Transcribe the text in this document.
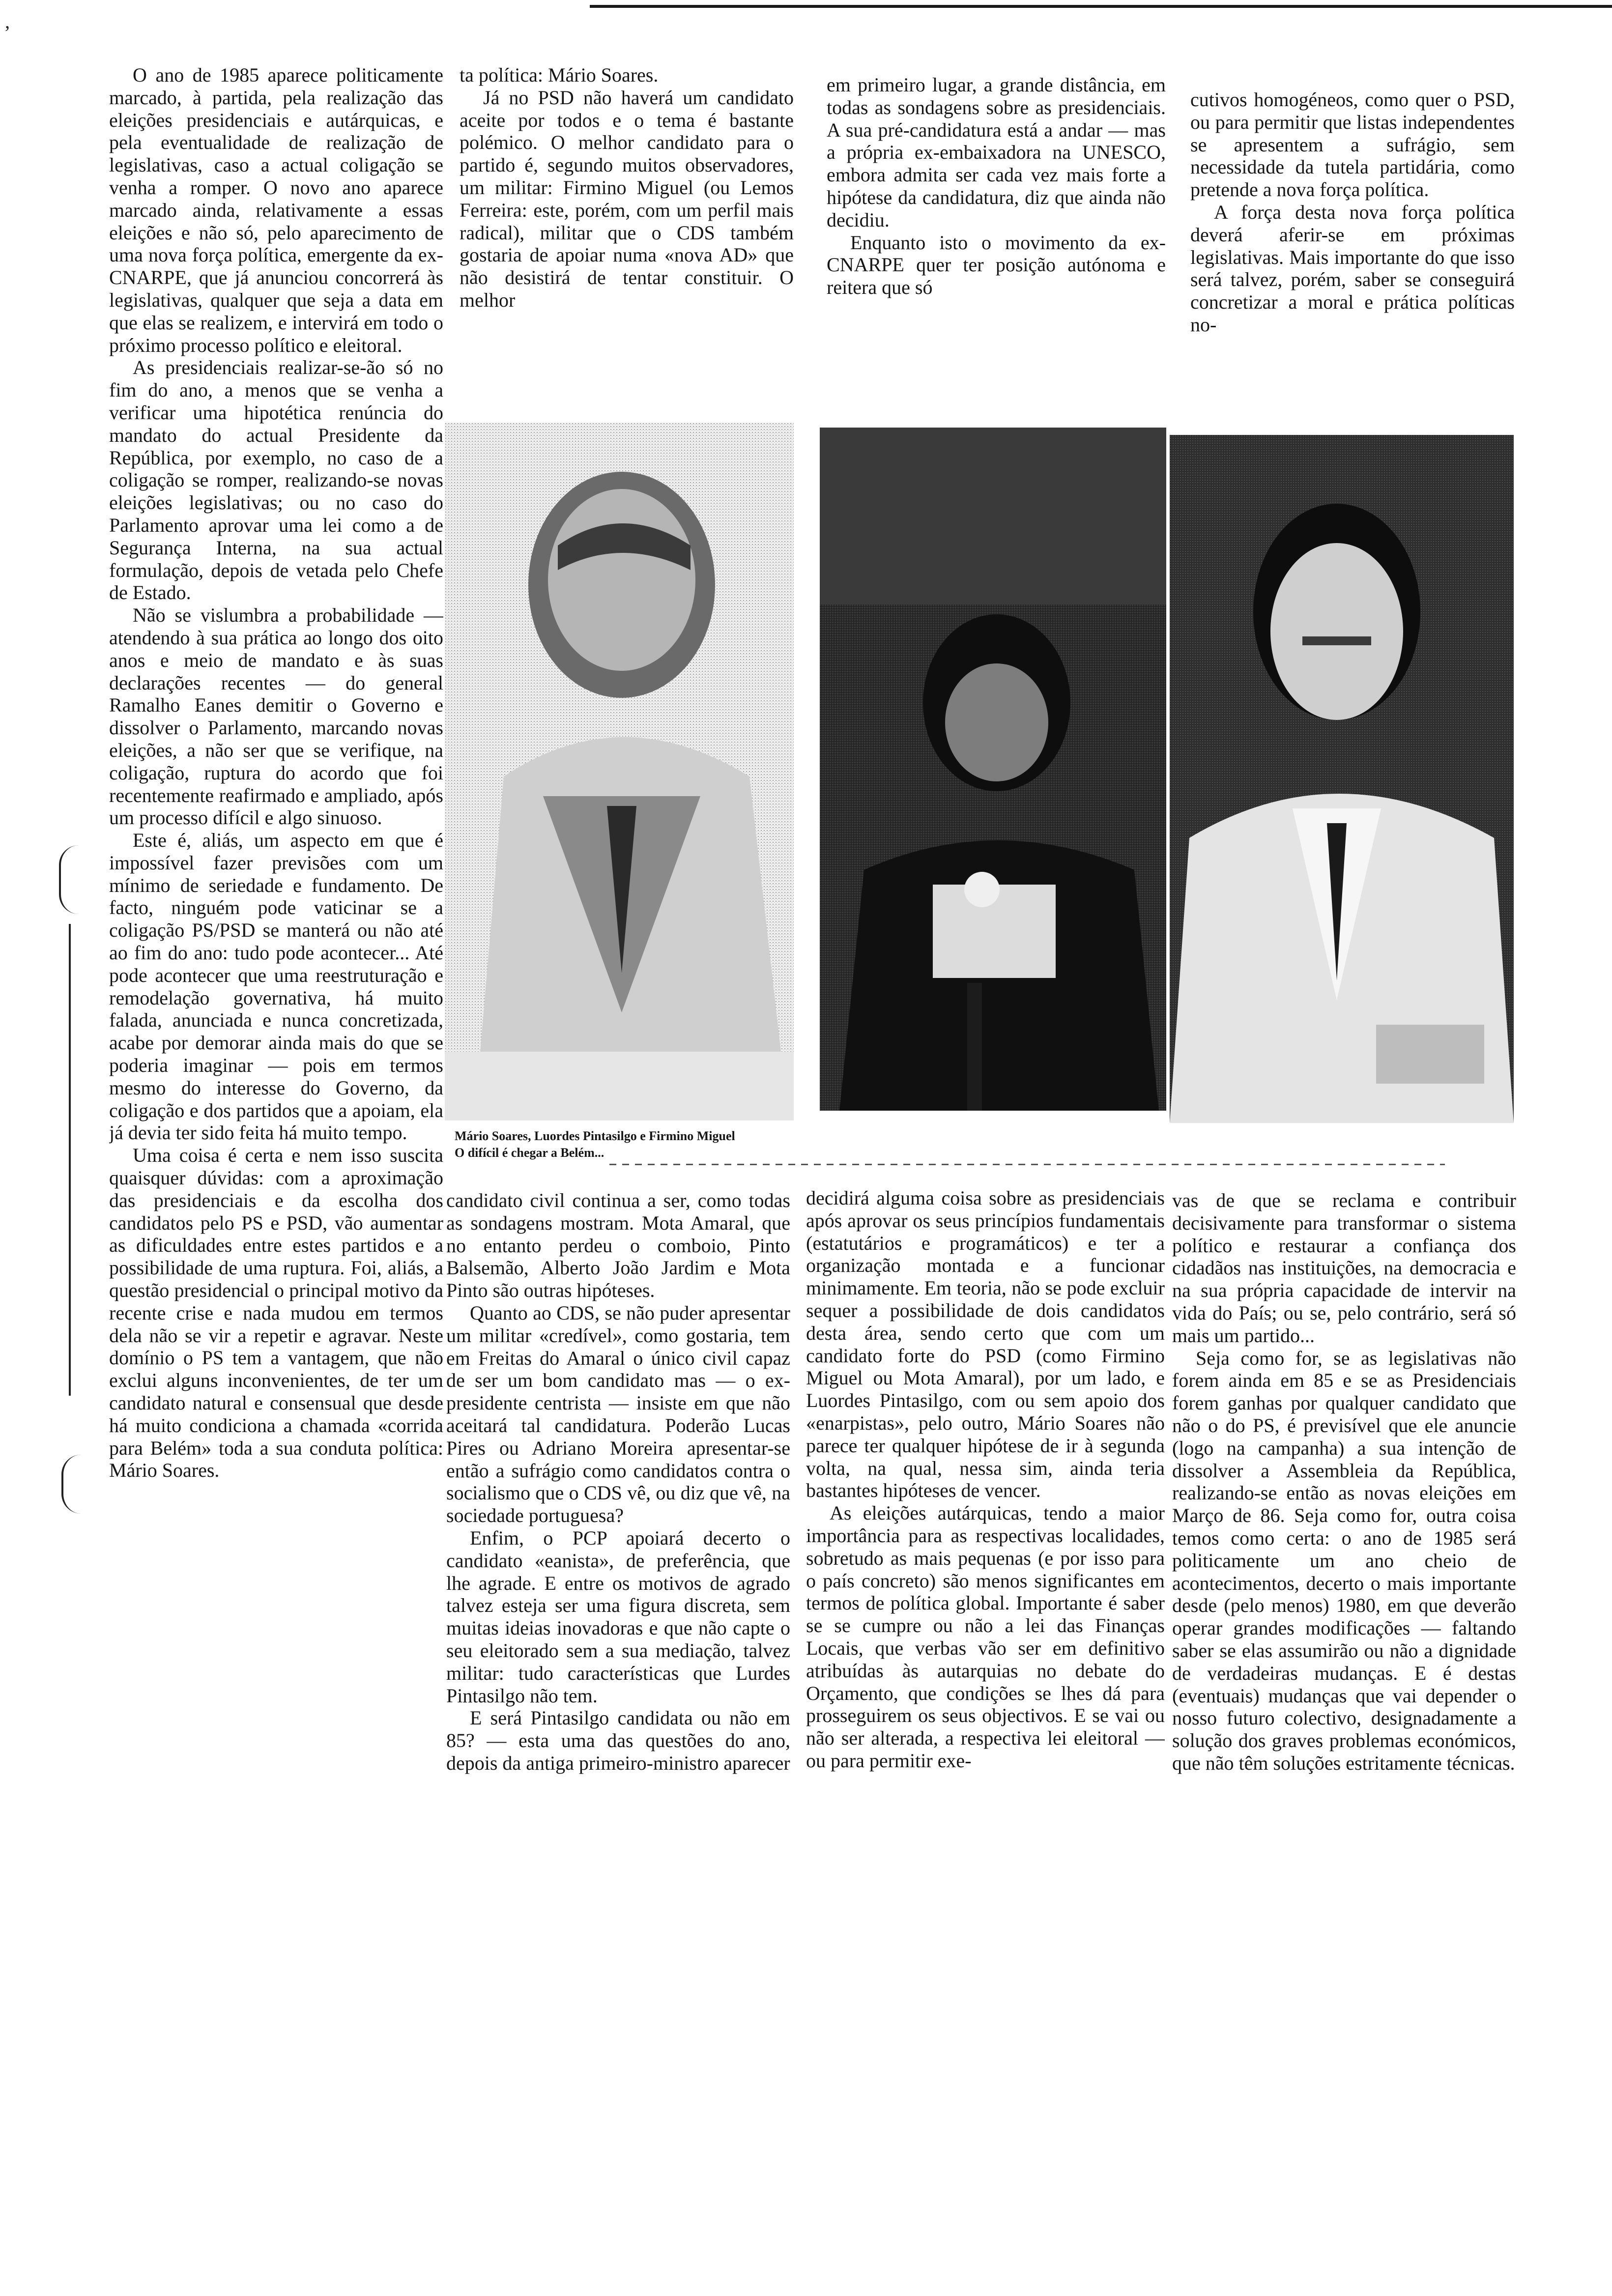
,

O ano de 1985 aparece politicamente marcado, à partida, pela realização das eleições presidenciais e autárquicas, e pela eventualidade de realização de legislativas, caso a actual coligação se venha a romper. O novo ano aparece marcado ainda, relativamente a essas eleições e não só, pelo aparecimento de uma nova força política, emergente da ex-CNARPE, que já anunciou concorrerá às legislativas, qualquer que seja a data em que elas se realizem, e intervirá em todo o próximo processo político e eleitoral.

As presidenciais realizar-se-ão só no fim do ano, a menos que se venha a verificar uma hipotética renúncia do mandato do actual Presidente da República, por exemplo, no caso de a coligação se romper, realizando-se novas eleições legislativas; ou no caso do Parlamento aprovar uma lei como a de Segurança Interna, na sua actual formulação, depois de vetada pelo Chefe de Estado.

Não se vislumbra a probabilidade — atendendo à sua prática ao longo dos oito anos e meio de mandato e às suas declarações recentes — do general Ramalho Eanes demitir o Governo e dissolver o Parlamento, marcando novas eleições, a não ser que se verifique, na coligação, ruptura do acordo que foi recentemente reafirmado e ampliado, após um processo difícil e algo sinuoso.

Este é, aliás, um aspecto em que é impossível fazer previsões com um mínimo de seriedade e fundamento. De facto, ninguém pode vaticinar se a coligação PS/PSD se manterá ou não até ao fim do ano: tudo pode acontecer... Até pode acontecer que uma reestruturação e remodelação governativa, há muito falada, anunciada e nunca concretizada, acabe por demorar ainda mais do que se poderia imaginar — pois em termos mesmo do interesse do Governo, da coligação e dos partidos que a apoiam, ela já devia ter sido feita há muito tempo.

Uma coisa é certa e nem isso suscita quaisquer dúvidas: com a aproximação das presidenciais e da escolha dos candidatos pelo PS e PSD, vão aumentar as dificuldades entre estes partidos e a possibilidade de uma ruptura. Foi, aliás, a questão presidencial o principal motivo da recente crise e nada mudou em termos dela não se vir a repetir e agravar. Neste domínio o PS tem a vantagem, que não exclui alguns inconvenientes, de ter um candidato natural e consensual que desde há muito condiciona a chamada «corrida para Belém» toda a sua conduta política: Mário Soares.

ta política: Mário Soares.

Já no PSD não haverá um candidato aceite por todos e o tema é bastante polémico. O melhor candidato para o partido é, segundo muitos observadores, um militar: Firmino Miguel (ou Lemos Ferreira: este, porém, com um perfil mais radical), militar que o CDS também gostaria de apoiar numa «nova AD» que não desistirá de tentar constituir. O melhor

em primeiro lugar, a grande distância, em todas as sondagens sobre as presidenciais. A sua pré-candidatura está a andar — mas a própria ex-embaixadora na UNESCO, embora admita ser cada vez mais forte a hipótese da candidatura, diz que ainda não decidiu.

Enquanto isto o movimento da ex-CNARPE quer ter posição autónoma e reitera que só

cutivos homogéneos, como quer o PSD, ou para permitir que listas independentes se apresentem a sufrágio, sem necessidade da tutela partidária, como pretende a nova força política.

A força desta nova força política deverá aferir-se em próximas legislativas. Mais importante do que isso será talvez, porém, saber se conseguirá concretizar a moral e prática políticas no-

Mário Soares, Luordes Pintasilgo e Firmino Miguel
O difícil é chegar a Belém...

candidato civil continua a ser, como todas as sondagens mostram. Mota Amaral, que no entanto perdeu o comboio, Pinto Balsemão, Alberto João Jardim e Mota Pinto são outras hipóteses.

Quanto ao CDS, se não puder apresentar um militar «credível», como gostaria, tem em Freitas do Amaral o único civil capaz de ser um bom candidato mas — o ex-presidente centrista — insiste em que não aceitará tal candidatura. Poderão Lucas Pires ou Adriano Moreira apresentar-se então a sufrágio como candidatos contra o socialismo que o CDS vê, ou diz que vê, na sociedade portuguesa?

Enfim, o PCP apoiará decerto o candidato «eanista», de preferência, que lhe agrade. E entre os motivos de agrado talvez esteja ser uma figura discreta, sem muitas ideias inovadoras e que não capte o seu eleitorado sem a sua mediação, talvez militar: tudo características que Lurdes Pintasilgo não tem.

E será Pintasilgo candidata ou não em 85? — esta uma das questões do ano, depois da antiga primeiro-ministro aparecer

decidirá alguma coisa sobre as presidenciais após aprovar os seus princípios fundamentais (estatutários e programáticos) e ter a organização montada e a funcionar minimamente. Em teoria, não se pode excluir sequer a possibilidade de dois candidatos desta área, sendo certo que com um candidato forte do PSD (como Firmino Miguel ou Mota Amaral), por um lado, e Luordes Pintasilgo, com ou sem apoio dos «enarpistas», pelo outro, Mário Soares não parece ter qualquer hipótese de ir à segunda volta, na qual, nessa sim, ainda teria bastantes hipóteses de vencer.

As eleições autárquicas, tendo a maior importância para as respectivas localidades, sobretudo as mais pequenas (e por isso para o país concreto) são menos significantes em termos de política global. Importante é saber se se cumpre ou não a lei das Finanças Locais, que verbas vão ser em definitivo atribuídas às autarquias no debate do Orçamento, que condições se lhes dá para prosseguirem os seus objectivos. E se vai ou não ser alterada, a respectiva lei eleitoral — ou para permitir exe-

vas de que se reclama e contribuir decisivamente para transformar o sistema político e restaurar a confiança dos cidadãos nas instituições, na democracia e na sua própria capacidade de intervir na vida do País; ou se, pelo contrário, será só mais um partido...

Seja como for, se as legislativas não forem ainda em 85 e se as Presidenciais forem ganhas por qualquer candidato que não o do PS, é previsível que ele anuncie (logo na campanha) a sua intenção de dissolver a Assembleia da República, realizando-se então as novas eleições em Março de 86. Seja como for, outra coisa temos como certa: o ano de 1985 será politicamente um ano cheio de acontecimentos, decerto o mais importante desde (pelo menos) 1980, em que deverão operar grandes modificações — faltando saber se elas assumirão ou não a dignidade de verdadeiras mudanças. E é destas (eventuais) mudanças que vai depender o nosso futuro colectivo, designadamente a solução dos graves problemas económicos, que não têm soluções estritamente técnicas.
